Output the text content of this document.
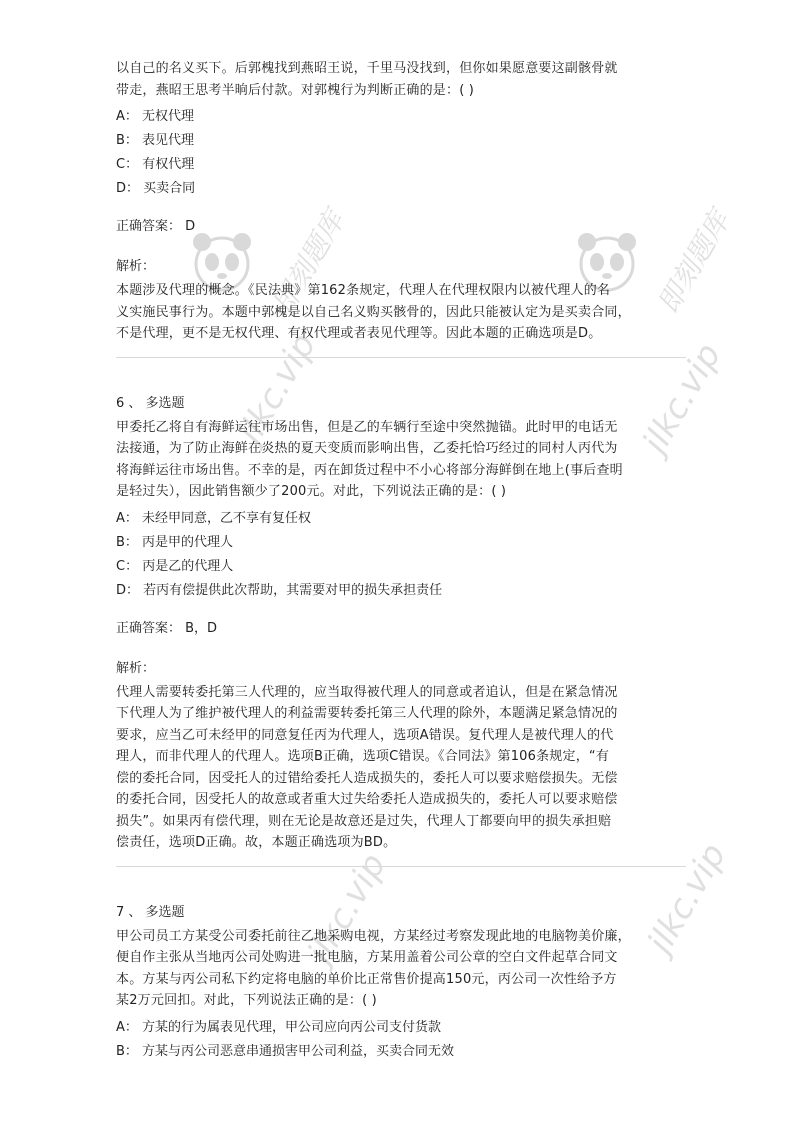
jlkc.vip
即刻题库	即刻题库
jlkc.vip
jlkc.vip	jlkc.vip

以自己的名义买下。后郭槐找到燕昭王说，千里马没找到，但你如果愿意要这副骸骨就

带走，燕昭王思考半晌后付款。对郭槐行为判断正确的是：( )

A： 无权代理

B： 表见代理

C： 有权代理

D： 买卖合同

正确答案： D

解析：

本题涉及代理的概念。《民法典》第162条规定，代理人在代理权限内以被代理人的名

义实施民事行为。本题中郭槐是以自己名义购买骸骨的，因此只能被认定为是买卖合同，

不是代理，更不是无权代理、有权代理或者表见代理等。因此本题的正确选项是D。

6 、 多选题

甲委托乙将自有海鲜运往市场出售，但是乙的车辆行至途中突然抛锚。此时甲的电话无

法接通，为了防止海鲜在炎热的夏天变质而影响出售，乙委托恰巧经过的同村人丙代为

将海鲜运往市场出售。不幸的是，丙在卸货过程中不小心将部分海鲜倒在地上(事后查明

是轻过失），因此销售额少了200元。对此，下列说法正确的是：( )

A： 未经甲同意，乙不享有复任权

B： 丙是甲的代理人

C： 丙是乙的代理人

D： 若丙有偿提供此次帮助，其需要对甲的损失承担责任

正确答案： B，D

解析：

代理人需要转委托第三人代理的，应当取得被代理人的同意或者追认，但是在紧急情况

下代理人为了维护被代理人的利益需要转委托第三人代理的除外，本题满足紧急情况的

要求，应当乙可未经甲的同意复任丙为代理人，选项A错误。复代理人是被代理人的代

理人，而非代理人的代理人。选项B正确，选项C错误。《合同法》第106条规定，“有

偿的委托合同，因受托人的过错给委托人造成损失的，委托人可以要求赔偿损失。无偿

的委托合同，因受托人的故意或者重大过失给委托人造成损失的，委托人可以要求赔偿

损失”。如果丙有偿代理，则在无论是故意还是过失，代理人丁都要向甲的损失承担赔

偿责任，选项D正确。故，本题正确选项为BD。

7 、 多选题

甲公司员工方某受公司委托前往乙地采购电视，方某经过考察发现此地的电脑物美价廉，

便自作主张从当地丙公司处购进一批电脑，方某用盖着公司公章的空白文件起草合同文

本。方某与丙公司私下约定将电脑的单价比正常售价提高150元，丙公司一次性给予方

某2万元回扣。对此，下列说法正确的是：( )

A： 方某的行为属表见代理，甲公司应向丙公司支付货款

B： 方某与丙公司恶意串通损害甲公司利益，买卖合同无效
